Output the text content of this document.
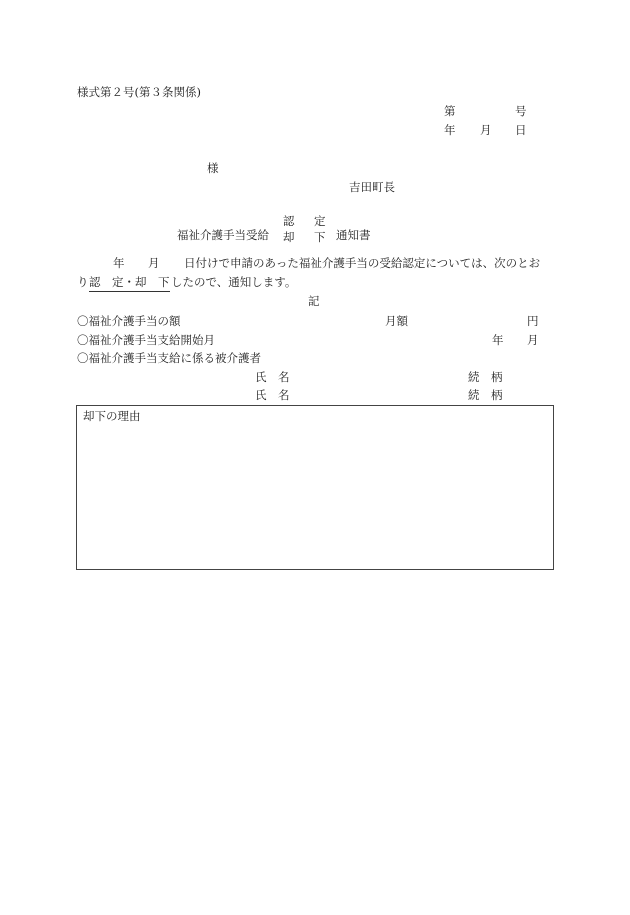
様式第２号(第３条関係)
第	号
年 月 日
様
吉田町長
福祉介護手当受給
認 定
却 下 通知書
年 月 日付けで申請のあった福祉介護手当の受給認定については、次のとお
り 認　定・却　下 したので、通知します。
記
〇福祉介護手当の額	月額	円
〇福祉介護手当支給開始月	年 月
〇福祉介護手当支給に係る被介護者
氏　名	続　柄
氏　名	続　柄
却下の理由
